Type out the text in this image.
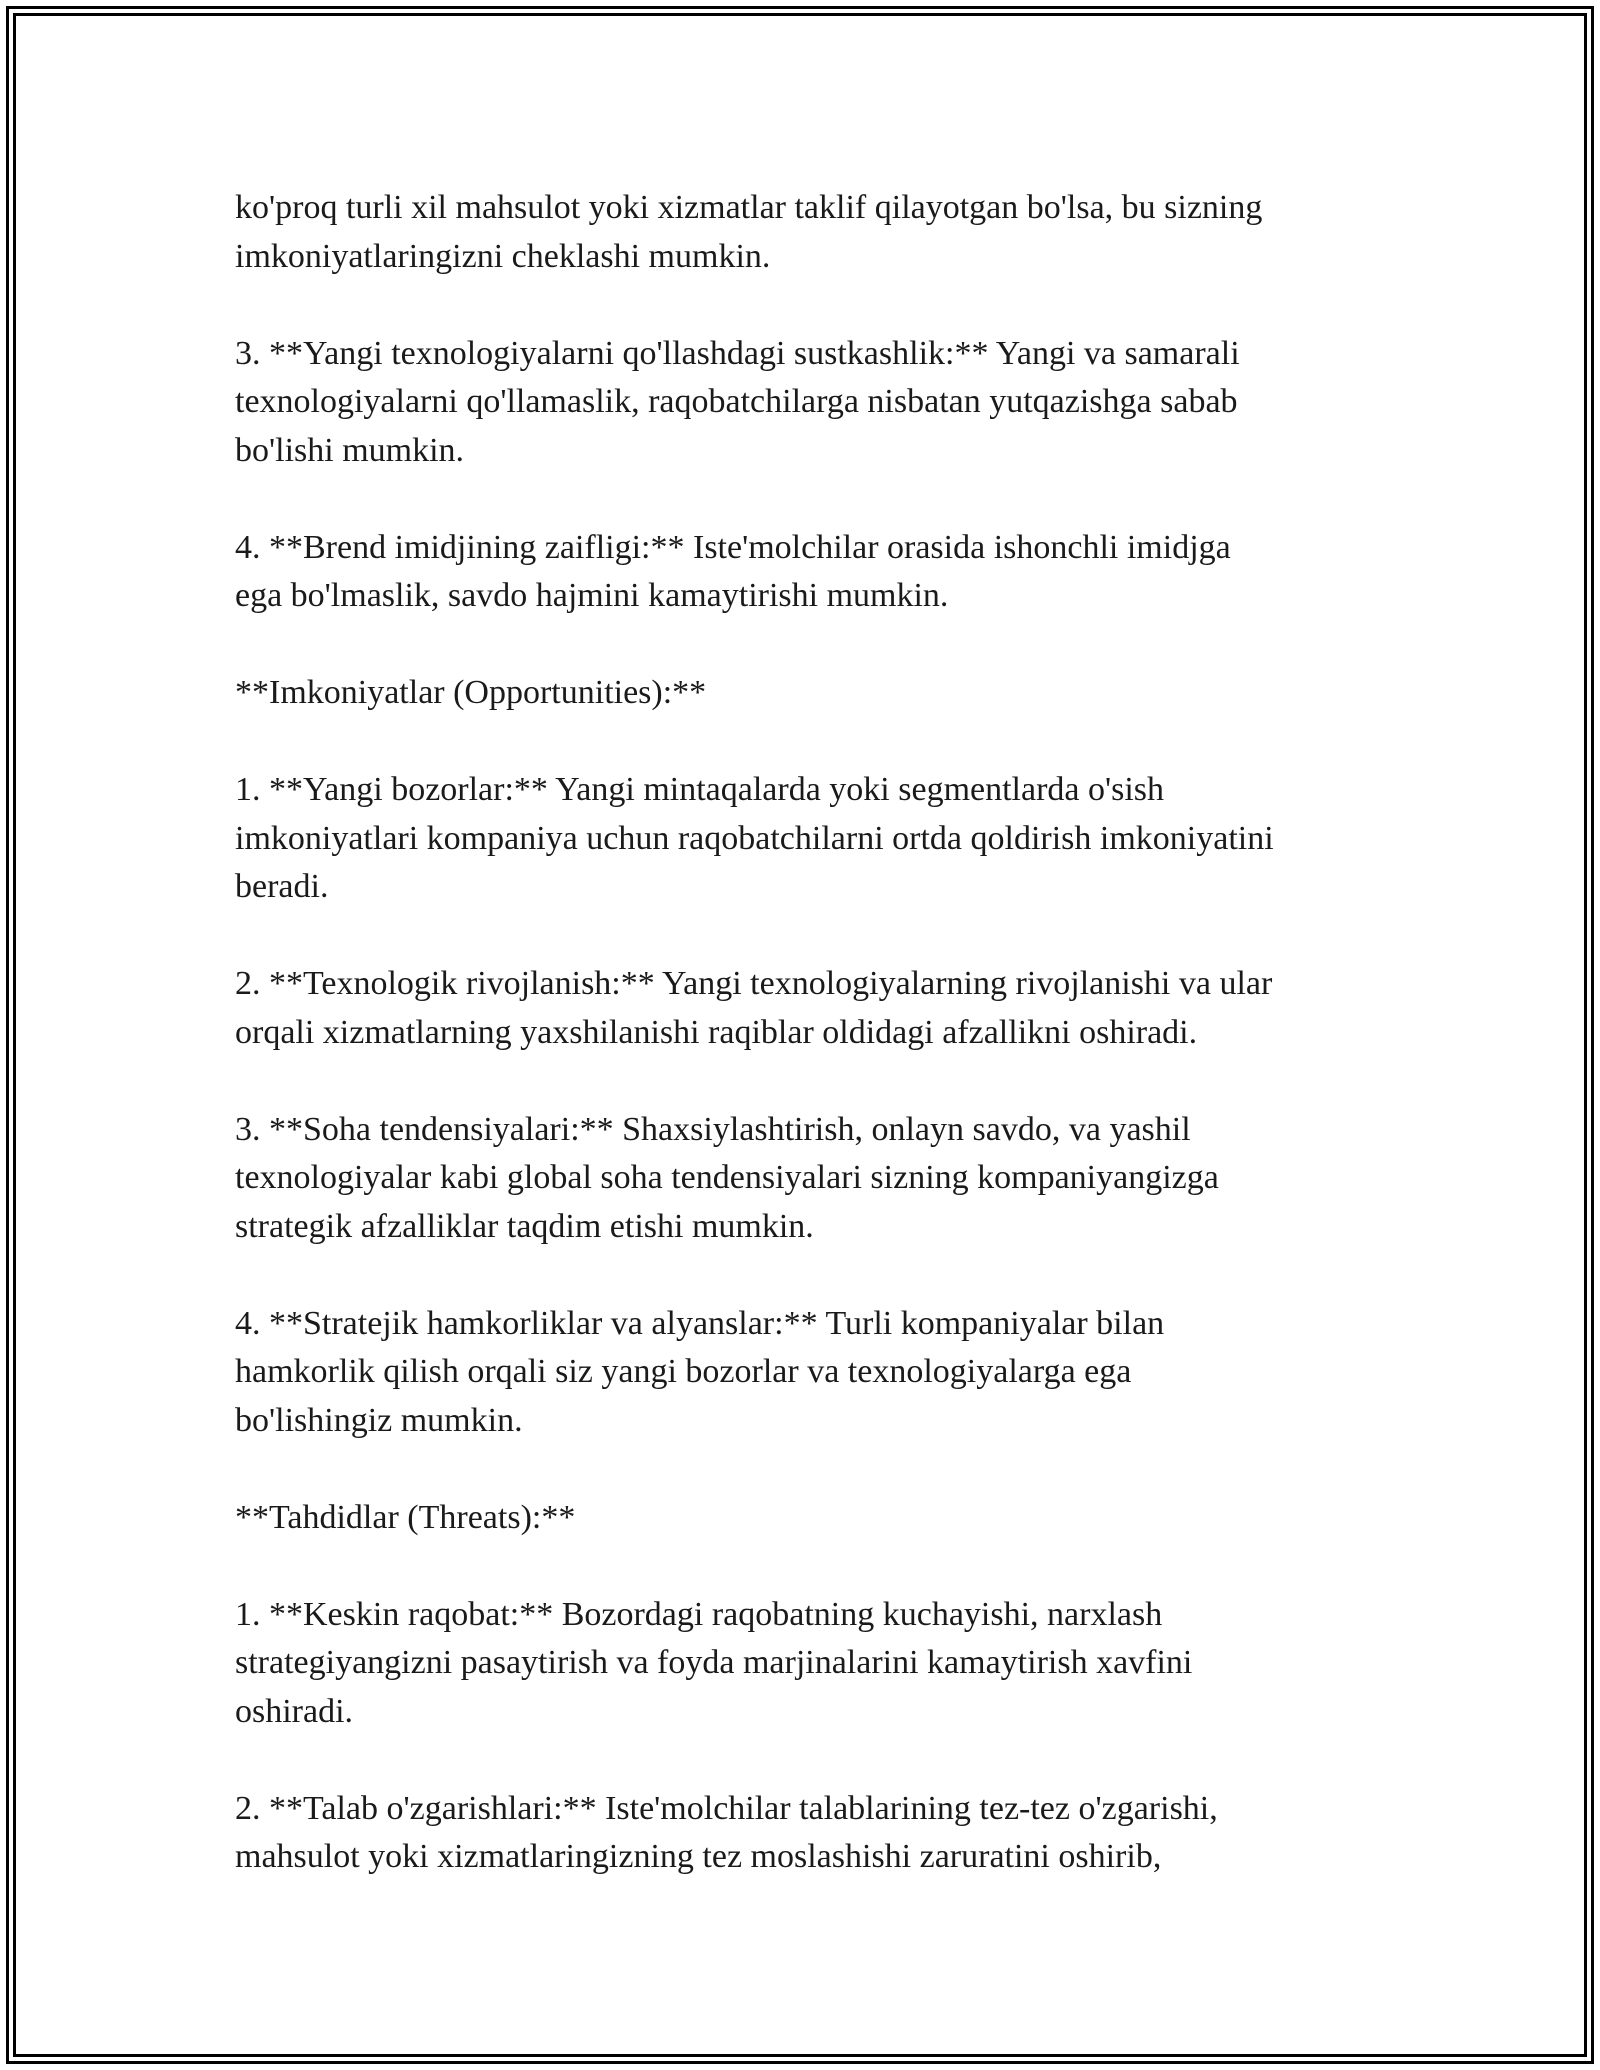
ko'proq turli xil mahsulot yoki xizmatlar taklif qilayotgan bo'lsa, bu sizning
imkoniyatlaringizni cheklashi mumkin.

3. **Yangi texnologiyalarni qo'llashdagi sustkashlik:** Yangi va samarali
texnologiyalarni qo'llamaslik, raqobatchilarga nisbatan yutqazishga sabab
bo'lishi mumkin.

4. **Brend imidjining zaifligi:** Iste'molchilar orasida ishonchli imidjga
ega bo'lmaslik, savdo hajmini kamaytirishi mumkin.

**Imkoniyatlar (Opportunities):**

1. **Yangi bozorlar:** Yangi mintaqalarda yoki segmentlarda o'sish
imkoniyatlari kompaniya uchun raqobatchilarni ortda qoldirish imkoniyatini
beradi.

2. **Texnologik rivojlanish:** Yangi texnologiyalarning rivojlanishi va ular
orqali xizmatlarning yaxshilanishi raqiblar oldidagi afzallikni oshiradi.

3. **Soha tendensiyalari:** Shaxsiylashtirish, onlayn savdo, va yashil
texnologiyalar kabi global soha tendensiyalari sizning kompaniyangizga
strategik afzalliklar taqdim etishi mumkin.

4. **Stratejik hamkorliklar va alyanslar:** Turli kompaniyalar bilan
hamkorlik qilish orqali siz yangi bozorlar va texnologiyalarga ega
bo'lishingiz mumkin.

**Tahdidlar (Threats):**

1. **Keskin raqobat:** Bozordagi raqobatning kuchayishi, narxlash
strategiyangizni pasaytirish va foyda marjinalarini kamaytirish xavfini
oshiradi.

2. **Talab o'zgarishlari:** Iste'molchilar talablarining tez-tez o'zgarishi,
mahsulot yoki xizmatlaringizning tez moslashishi zaruratini oshirib,
